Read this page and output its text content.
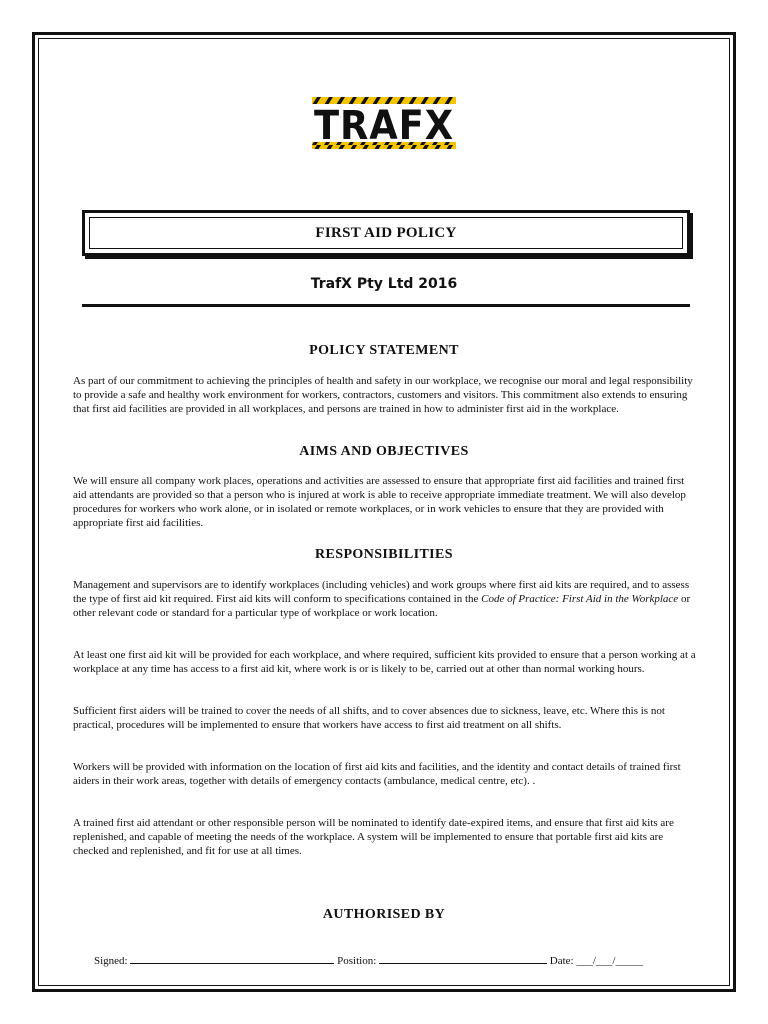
TRAFX
FIRST AID POLICY
TrafX Pty Ltd 2016
POLICY STATEMENT

As part of our commitment to achieving the principles of health and safety in our workplace, we recognise our moral and legal responsibility to provide a safe and healthy work environment for workers, contractors, customers and visitors. This commitment also extends to ensuring that first aid facilities are provided in all workplaces, and persons are trained in how to administer first aid in the workplace.

AIMS AND OBJECTIVES

We will ensure all company work places, operations and activities are assessed to ensure that appropriate first aid facilities and trained first aid attendants are provided so that a person who is injured at work is able to receive appropriate immediate treatment. We will also develop procedures for workers who work alone, or in isolated or remote workplaces, or in work vehicles to ensure that they are provided with appropriate first aid facilities.

RESPONSIBILITIES

Management and supervisors are to identify workplaces (including vehicles) and work groups where first aid kits are required, and to assess the type of first aid kit required. First aid kits will conform to specifications contained in the Code of Practice: First Aid in the Workplace or other relevant code or standard for a particular type of workplace or work location.

At least one first aid kit will be provided for each workplace, and where required, sufficient kits provided to ensure that a person working at a workplace at any time has access to a first aid kit, where work is or is likely to be, carried out at other than normal working hours.

Sufficient first aiders will be trained to cover the needs of all shifts, and to cover absences due to sickness, leave, etc. Where this is not practical, procedures will be implemented to ensure that workers have access to first aid treatment on all shifts.

Workers will be provided with information on the location of first aid kits and facilities, and the identity and contact details of trained first aiders in their work areas, together with details of emergency contacts (ambulance, medical centre, etc). .

A trained first aid attendant or other responsible person will be nominated to identify date-expired items, and ensure that first aid kits are replenished, and capable of meeting the needs of the workplace. A system will be implemented to ensure that portable first aid kits are checked and replenished, and fit for use at all times.

AUTHORISED BY
Signed:	Position:	Date: ___/___/_____
